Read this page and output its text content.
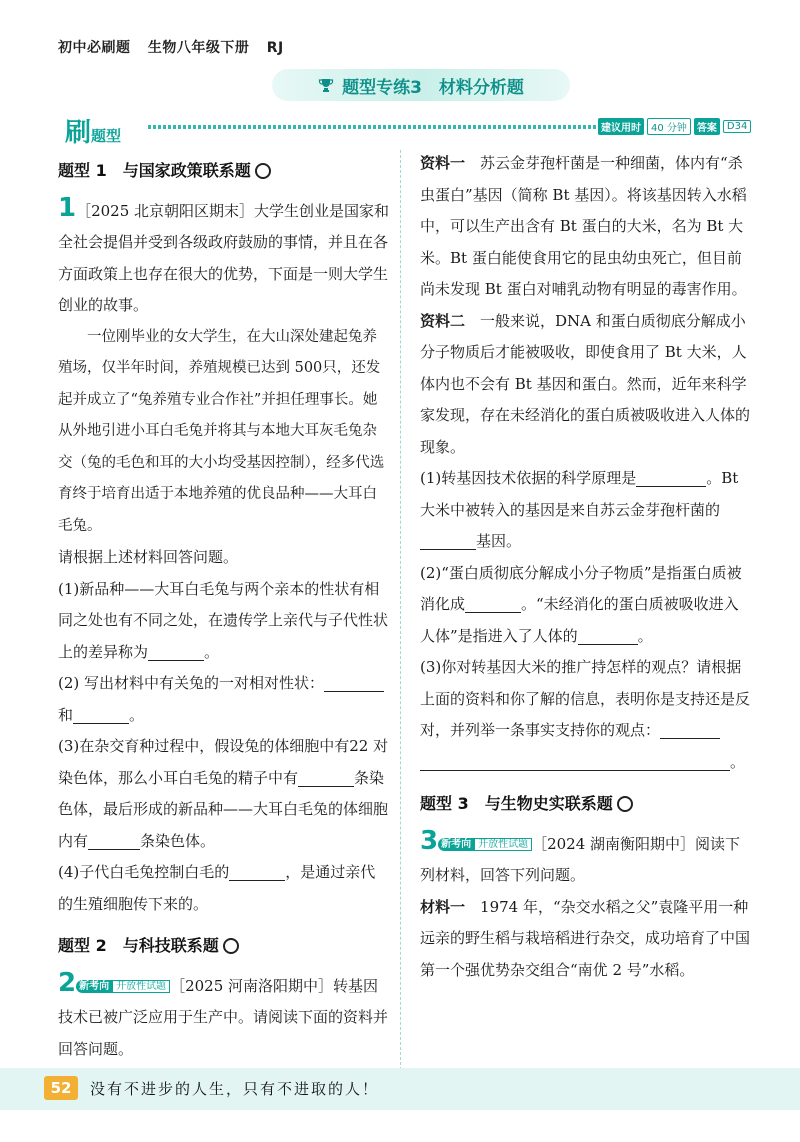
初中必刷题 生物八年级下册 RJ
题型专练3　材料分析题
刷题型	建议用时	40 分钟	答案	D34
题型 1　与国家政策联系题

1［2025 北京朝阳区期末］大学生创业是国家和全社会提倡并受到各级政府鼓励的事情，并且在各方面政策上也存在很大的优势，下面是一则大学生创业的故事。

一位刚毕业的女大学生，在大山深处建起兔养殖场，仅半年时间，养殖规模已达到 500只，还发起并成立了“兔养殖专业合作社”并担任理事长。她从外地引进小耳白毛兔并将其与本地大耳灰毛兔杂交（兔的毛色和耳的大小均受基因控制），经多代选育终于培育出适于本地养殖的优良品种——大耳白毛兔。

请根据上述材料回答问题。

(1)新品种——大耳白毛兔与两个亲本的性状有相同之处也有不同之处，在遗传学上亲代与子代性状上的差异称为	。

(2) 写出材料中有关兔的一对相对性状：和	。

(3)在杂交育种过程中，假设兔的体细胞中有22 对染色体，那么小耳白毛兔的精子中有	条染色体，最后形成的新品种——大耳白毛兔的体细胞内有	条染色体。

(4)子代白毛兔控制白毛的	，是通过亲代的生殖细胞传下来的。

题型 2　与科技联系题

2 新考向 开放性试题 ［2025 河南洛阳期中］转基因技术已被广泛应用于生产中。请阅读下面的资料并回答问题。

资料一　 苏云金芽孢杆菌是一种细菌，体内有“杀虫蛋白”基因（简称 Bt 基因）。将该基因转入水稻中，可以生产出含有 Bt 蛋白的大米，名为 Bt 大米。Bt 蛋白能使食用它的昆虫幼虫死亡，但目前尚未发现 Bt 蛋白对哺乳动物有明显的毒害作用。

资料二　 一般来说，DNA 和蛋白质彻底分解成小分子物质后才能被吸收，即使食用了 Bt 大米，人体内也不会有 Bt 基因和蛋白。然而，近年来科学家发现，存在未经消化的蛋白质被吸收进入人体的现象。

(1)转基因技术依据的科学原理是	。Bt 大米中被转入的基因是来自苏云金芽孢杆菌的基因。

(2)“蛋白质彻底分解成小分子物质”是指蛋白质被消化成	。“未经消化的蛋白质被吸收进入人体”是指进入了人体的	。

(3)你对转基因大米的推广持怎样的观点？请根据上面的资料和你了解的信息，表明你是支持还是反对，并列举一条事实支持你的观点：
。

题型 3　与生物史实联系题

3 新考向 开放性试题 ［2024 湖南衡阳期中］阅读下列材料，回答下列问题。

材料一　 1974 年，“杂交水稻之父”袁隆平用一种远亲的野生稻与栽培稻进行杂交，成功培育了中国第一个强优势杂交组合“南优 2 号”水稻。

52	没有不进步的人生，只有不进取的人！
